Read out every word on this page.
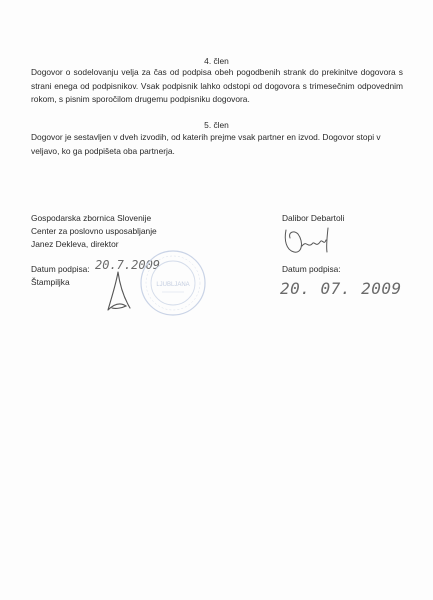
4. člen
Dogovor o sodelovanju velja za čas od podpisa obeh pogodbenih strank do prekinitve dogovora s strani enega od podpisnikov. Vsak podpisnik lahko odstopi od dogovora s trimesečnim odpovednim rokom, s pisnim sporočilom drugemu podpisniku dogovora.
5. člen
Dogovor je sestavljen v dveh izvodih, od katerih prejme vsak partner en izvod. Dogovor stopi v veljavo, ko ga podpišeta oba partnerja.
Gospodarska zbornica Slovenije
Center za poslovno usposabljanje
Janez Dekleva, direktor
Datum podpisa: 20.7.2009
Štampiljka	LJUBLJANA
Dalibor Debartoli
Datum podpisa:
20. 07. 2009
